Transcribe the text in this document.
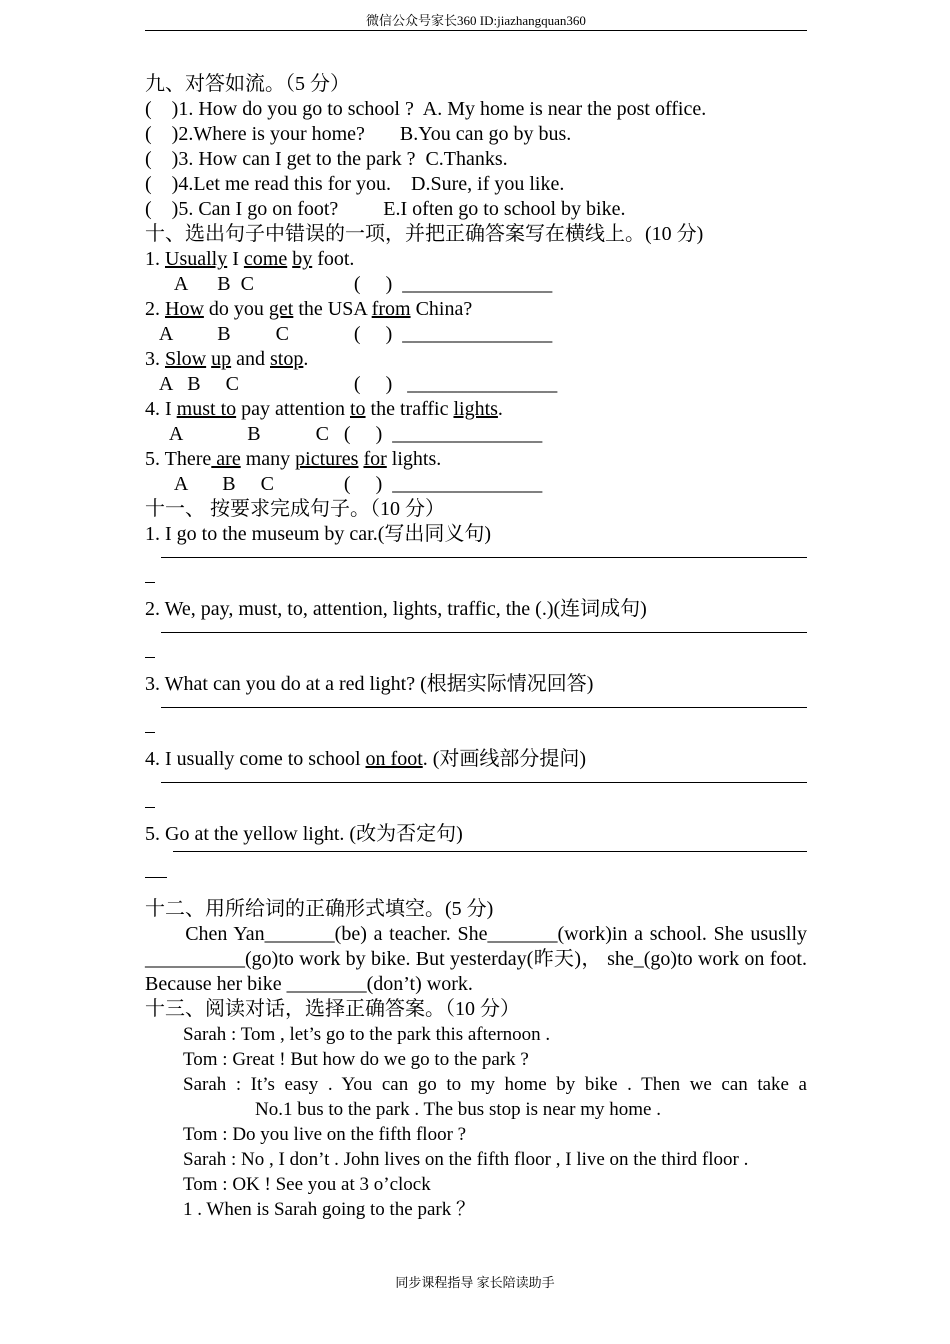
微信公众号家长360 ID:jiazhangquan360
九、对答如流。（5 分）
(    )1. How do you go to school ?  A. My home is near the post office.
(    )2.Where is your home?       B.You can go by bus.
(    )3. How can I get to the park ?  C.Thanks.
(    )4.Let me read this for you.    D.Sure, if you like.
(    )5. Can I go on foot?         E.I often go to school by bike.
十、选出句子中错误的一项，并把正确答案写在横线上。(10 分)
1. Usually I come by foot.
A      B  C                    (     )  _______________
2. How do you get the USA from China?
A         B         C             (     )  _______________
3. Slow up and stop.
A   B     C                       (     )   _______________
4. I must to pay attention to the traffic lights.
A             B           C   (     )  _______________
5. There are many pictures for lights.
A       B     C              (     )  _______________
十一、 按要求完成句子。（10 分）
1. I go to the museum by car.(写出同义句)
2. We, pay, must, to, attention, lights, traffic, the (.)(连词成句)
3. What can you do at a red light? (根据实际情况回答)
4. I usually come to school on foot. (对画线部分提问)
5. Go at the yellow light. (改为否定句)
十二、用所给词的正确形式填空。(5 分)
Chen Yan_______(be) a teacher. She_______(work)in a school. She ususlly __________(go)to work by bike. But yesterday(昨天)， she_(go)to work on foot. Because her bike ________(don’t) work.
十三、阅读对话，选择正确答案。（10 分）
Sarah : Tom , let’s go to the park this afternoon .
Tom : Great ! But how do we go to the park ?
Sarah : It’s easy . You can go to my home by bike . Then we can take a
No.1 bus to the park . The bus stop is near my home .
Tom : Do you live on the fifth floor ?
Sarah : No , I don’t . John lives on the fifth floor , I live on the third floor .
Tom : OK ! See you at 3 o’clock
1 . When is Sarah going to the park ？
同步课程指导 家长陪读助手
